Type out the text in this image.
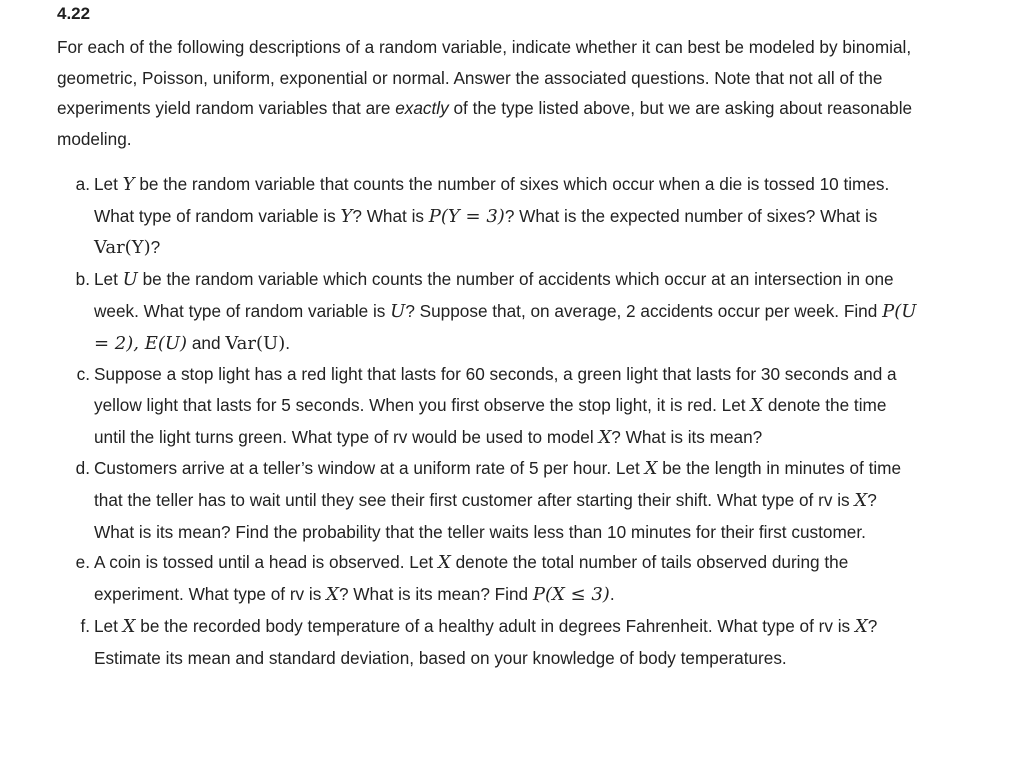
4.22

For each of the following descriptions of a random variable, indicate whether it can best be modeled by binomial, geometric, Poisson, uniform, exponential or normal. Answer the associated questions. Note that not all of the experiments yield random variables that are exactly of the type listed above, but we are asking about reasonable modeling.

a. Let Y be the random variable that counts the number of sixes which occur when a die is tossed 10 times. What type of random variable is Y? What is P(Y = 3)? What is the expected number of sixes? What is Var(Y)?
b. Let U be the random variable which counts the number of accidents which occur at an intersection in one week. What type of random variable is U? Suppose that, on average, 2 accidents occur per week. Find P(U = 2), E(U) and Var(U).
c. Suppose a stop light has a red light that lasts for 60 seconds, a green light that lasts for 30 seconds and a yellow light that lasts for 5 seconds. When you first observe the stop light, it is red. Let X denote the time until the light turns green. What type of rv would be used to model X? What is its mean?
d. Customers arrive at a teller’s window at a uniform rate of 5 per hour. Let X be the length in minutes of time that the teller has to wait until they see their first customer after starting their shift. What type of rv is X? What is its mean? Find the probability that the teller waits less than 10 minutes for their first customer.
e. A coin is tossed until a head is observed. Let X denote the total number of tails observed during the experiment. What type of rv is X? What is its mean? Find P(X ≤ 3).
f. Let X be the recorded body temperature of a healthy adult in degrees Fahrenheit. What type of rv is X? Estimate its mean and standard deviation, based on your knowledge of body temperatures.
